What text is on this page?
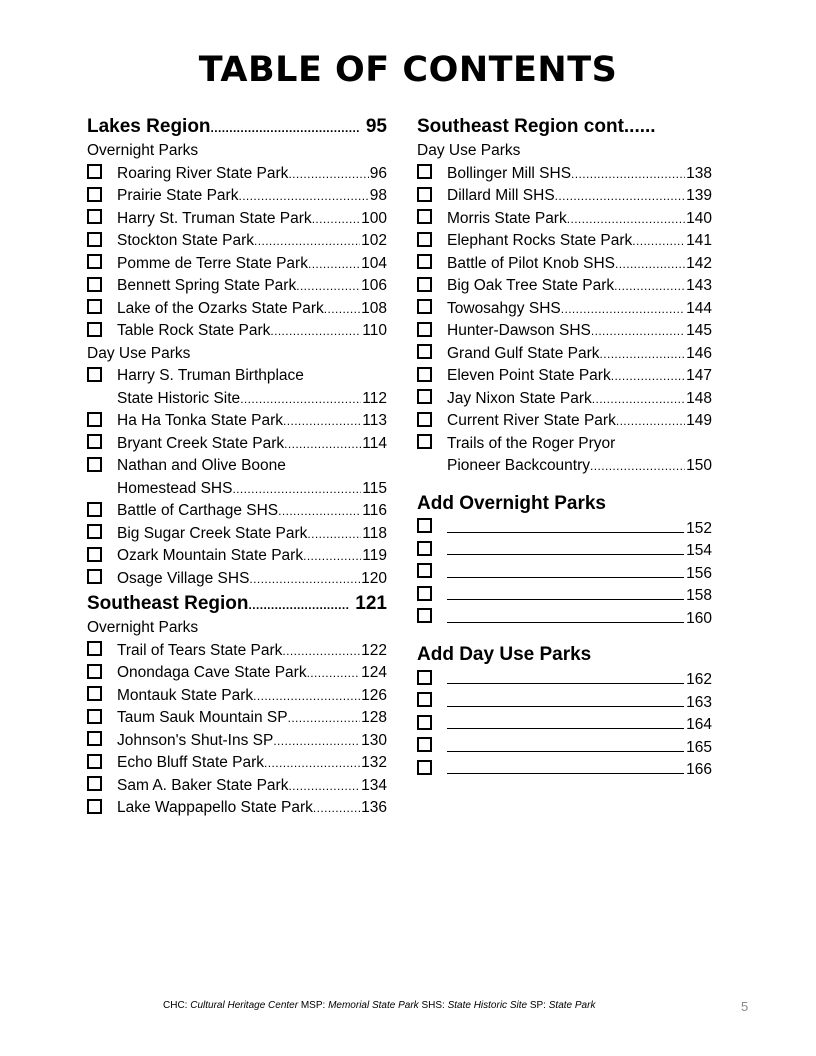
TABLE OF CONTENTS
Lakes Region .....	95
Overnight Parks
Roaring River State Park .....	96
Prairie State Park .....	98
Harry St. Truman State Park .....	100
Stockton State Park .....	102
Pomme de Terre State Park .....	104
Bennett Spring State Park .....	106
Lake of the Ozarks State Park ..... 108
Table Rock State Park .....	110
Day Use Parks
Harry S. Truman Birthplace
State Historic Site .....	112
Ha Ha Tonka State Park .....	113
Bryant Creek State Park .....	114
Nathan and Olive Boone
Homestead SHS .....	115
Battle of Carthage SHS .....	116
Big Sugar Creek State Park .....	118
Ozark Mountain State Park .....	119
Osage Village SHS .....	120
Southeast Region .....	121
Overnight Parks
Trail of Tears State Park .....	122
Onondaga Cave State Park .....	124
Montauk State Park .....	126
Taum Sauk Mountain SP .....	128
Johnson's Shut-Ins SP .....	130
Echo Bluff State Park .....	132
Sam A. Baker State Park .....	134
Lake Wappapello State Park .....	136
Southeast Region cont......
Day Use Parks
Bollinger Mill SHS .....	138
Dillard Mill SHS .....	139
Morris State Park .....	140
Elephant Rocks State Park .....	141
Battle of Pilot Knob SHS .....	142
Big Oak Tree State Park .....	143
Towosahgy SHS .....	144
Hunter-Dawson SHS .....	145
Grand Gulf State Park .....	146
Eleven Point State Park .....	147
Jay Nixon State Park .....	148
Current River State Park .....	149
Trails of the Roger Pryor
Pioneer Backcountry .....	150
Add Overnight Parks
152
154
156
158
160
Add Day Use Parks
162
163
164
165
166
CHC: Cultural Heritage Center MSP: Memorial State Park SHS: State Historic Site SP: State Park	5
